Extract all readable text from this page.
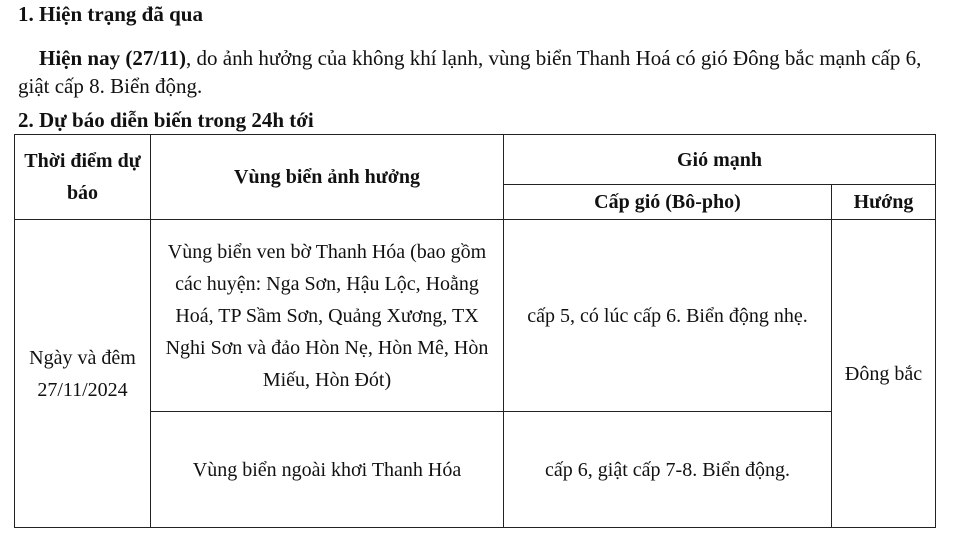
1. Hiện trạng đã qua
Hiện nay (27/11), do ảnh hưởng của không khí lạnh, vùng biển Thanh Hoá có gió Đông bắc mạnh cấp 6, giật cấp 8. Biển động.
2. Dự báo diễn biến trong 24h tới
Thời điểm dự báo	Vùng biển ảnh hưởng	Gió mạnh	
		Cấp gió (Bô-pho)	Hướng
Ngày và đêm 27/11/2024	Vùng biển ven bờ Thanh Hóa (bao gồm các huyện: Nga Sơn, Hậu Lộc, Hoằng Hoá, TP Sầm Sơn, Quảng Xương, TX Nghi Sơn và đảo Hòn Nẹ, Hòn Mê, Hòn Miếu, Hòn Đót)	cấp 5, có lúc cấp 6. Biển động nhẹ.	Đông bắc
	Vùng biển ngoài khơi Thanh Hóa	cấp 6, giật cấp 7-8. Biển động.	
